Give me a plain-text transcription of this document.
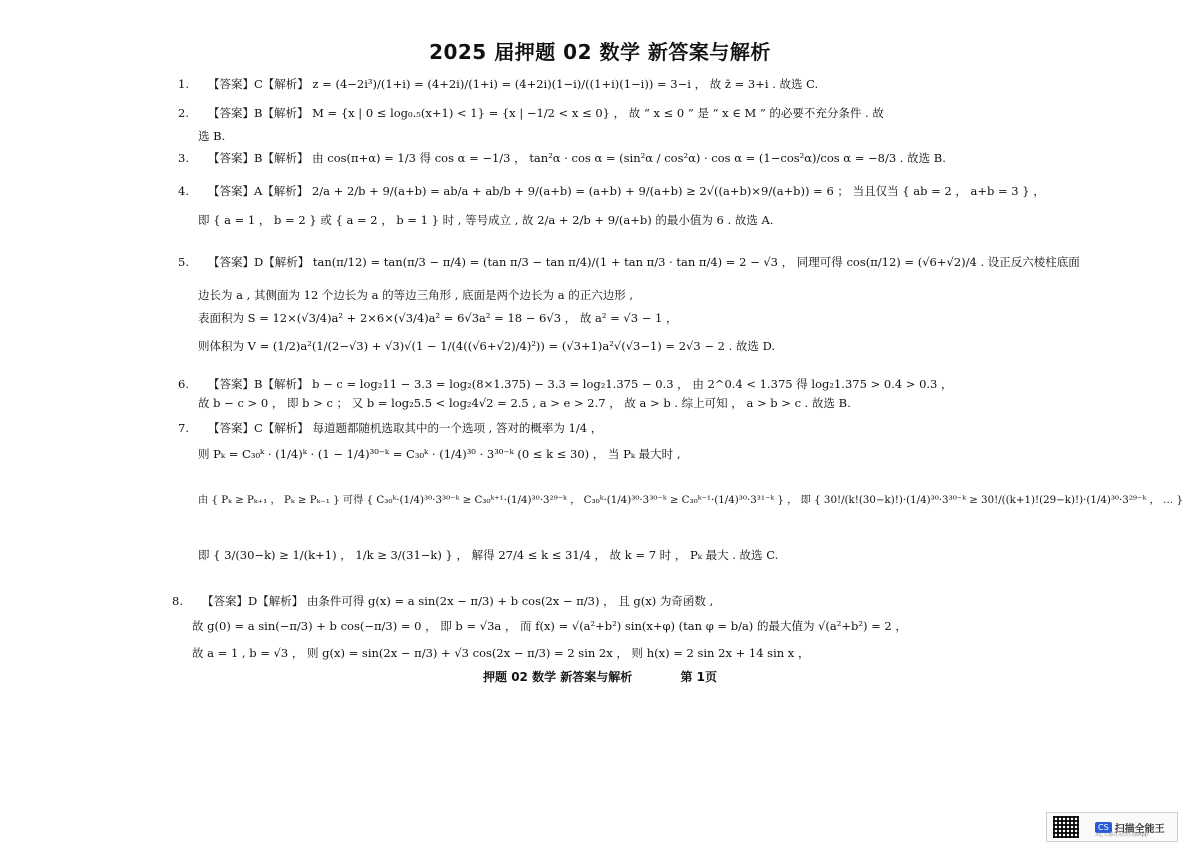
2025 届押题 02 数学 新答案与解析
1. 【答案】C【解析】 z = (4−2i³)/(1+i) = (4+2i)/(1+i) = (4+2i)(1−i)/((1+i)(1−i)) = 3−i ， 故 z̄ = 3+i . 故选 C.
2. 【答案】B【解析】 M = {x | 0 ≤ log₀.₅(x+1) < 1} = {x | −1/2 < x ≤ 0} ， 故 “ x ≤ 0 ” 是 “ x ∈ M ” 的必要不充分条件 . 故
选 B.
3. 【答案】B【解析】 由 cos(π+α) = 1/3 得 cos α = −1/3 ， tan²α · cos α = (sin²α / cos²α) · cos α = (1−cos²α)/cos α = −8/3 . 故选 B.
4. 【答案】A【解析】 2/a + 2/b + 9/(a+b) = ab/a + ab/b + 9/(a+b) = (a+b) + 9/(a+b) ≥ 2√((a+b)×9/(a+b)) = 6 ； 当且仅当 { ab = 2 ， a+b = 3 } ，
即 { a = 1 ， b = 2 } 或 { a = 2 ， b = 1 } 时 , 等号成立 , 故 2/a + 2/b + 9/(a+b) 的最小值为 6 . 故选 A.
5. 【答案】D【解析】 tan(π/12) = tan(π/3 − π/4) = (tan π/3 − tan π/4)/(1 + tan π/3 · tan π/4) = 2 − √3 ， 同理可得 cos(π/12) = (√6+√2)/4 . 设正反六棱柱底面
边长为 a , 其侧面为 12 个边长为 a 的等边三角形 , 底面是两个边长为 a 的正六边形 ,
表面积为 S = 12×(√3/4)a² + 2×6×(√3/4)a² = 6√3a² = 18 − 6√3 ， 故 a² = √3 − 1 ，
则体积为 V = (1/2)a²(1/(2−√3) + √3)√(1 − 1/(4((√6+√2)/4)²)) = (√3+1)a²√(√3−1) = 2√3 − 2 . 故选 D.
6. 【答案】B【解析】 b − c = log₂11 − 3.3 = log₂(8×1.375) − 3.3 = log₂1.375 − 0.3 ， 由 2^0.4 < 1.375 得 log₂1.375 > 0.4 > 0.3 ，
故 b − c > 0 ， 即 b > c ； 又 b = log₂5.5 < log₂4√2 = 2.5 , a > e > 2.7 ， 故 a > b . 综上可知 ， a > b > c . 故选 B.
7. 【答案】C【解析】 每道题都随机选取其中的一个选项 , 答对的概率为 1/4 ，
则 Pₖ = C₃₀ᵏ · (1/4)ᵏ · (1 − 1/4)³⁰⁻ᵏ = C₃₀ᵏ · (1/4)³⁰ · 3³⁰⁻ᵏ (0 ≤ k ≤ 30) ， 当 Pₖ 最大时 ,
由 { Pₖ ≥ Pₖ₊₁ ， Pₖ ≥ Pₖ₋₁ } 可得 { C₃₀ᵏ·(1/4)³⁰·3³⁰⁻ᵏ ≥ C₃₀ᵏ⁺¹·(1/4)³⁰·3²⁹⁻ᵏ ， C₃₀ᵏ·(1/4)³⁰·3³⁰⁻ᵏ ≥ C₃₀ᵏ⁻¹·(1/4)³⁰·3³¹⁻ᵏ } ， 即 { 30!/(k!(30−k)!)·(1/4)³⁰·3³⁰⁻ᵏ ≥ 30!/((k+1)!(29−k)!)·(1/4)³⁰·3²⁹⁻ᵏ ， … }
即 { 3/(30−k) ≥ 1/(k+1) ， 1/k ≥ 3/(31−k) } ， 解得 27/4 ≤ k ≤ 31/4 ， 故 k = 7 时 ， Pₖ 最大 . 故选 C.
8. 【答案】D【解析】 由条件可得 g(x) = a sin(2x − π/3) + b cos(2x − π/3) ， 且 g(x) 为奇函数 ,
故 g(0) = a sin(−π/3) + b cos(−π/3) = 0 ， 即 b = √3a ， 而 f(x) = √(a²+b²) sin(x+φ) (tan φ = b/a) 的最大值为 √(a²+b²) = 2 ，
故 a = 1 , b = √3 ， 则 g(x) = sin(2x − π/3) + √3 cos(2x − π/3) = 2 sin 2x ， 则 h(x) = 2 sin 2x + 14 sin x ，
押题 02 数学 新答案与解析	第 1页
CS 扫描全能王
3亿人都在用的扫描App
